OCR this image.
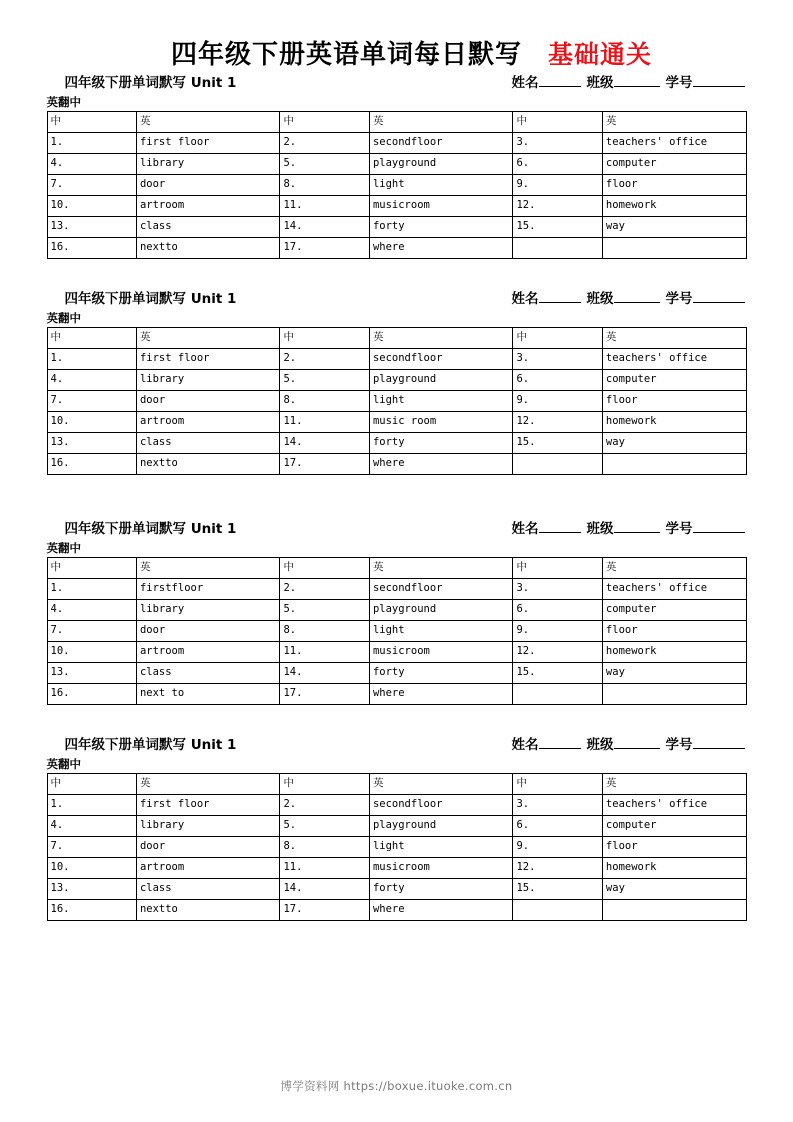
四年级下册英语单词每日默写 基础通关
四年级下册单词默写 Unit 1	姓名	班级	学号
英翻中
中	英	中	英	中	英
1.	first floor	2.	secondfloor	3.	teachers' office
4.	library	5.	playground	6.	computer
7.	door	8.	light	9.	floor
10.	artroom	11.	musicroom	12.	homework
13.	class	14.	forty	15.	way
16.	nextto	17.	where		
四年级下册单词默写 Unit 1	姓名	班级	学号
英翻中
中	英	中	英	中	英
1.	first floor	2.	secondfloor	3.	teachers' office
4.	library	5.	playground	6.	computer
7.	door	8.	light	9.	floor
10.	artroom	11.	music room	12.	homework
13.	class	14.	forty	15.	way
16.	nextto	17.	where		
四年级下册单词默写 Unit 1	姓名	班级	学号
英翻中
中	英	中	英	中	英
1.	firstfloor	2.	secondfloor	3.	teachers' office
4.	library	5.	playground	6.	computer
7.	door	8.	light	9.	floor
10.	artroom	11.	musicroom	12.	homework
13.	class	14.	forty	15.	way
16.	next to	17.	where		
四年级下册单词默写 Unit 1	姓名	班级	学号
英翻中
中	英	中	英	中	英
1.	first floor	2.	secondfloor	3.	teachers' office
4.	library	5.	playground	6.	computer
7.	door	8.	light	9.	floor
10.	artroom	11.	musicroom	12.	homework
13.	class	14.	forty	15.	way
16.	nextto	17.	where		
博学资料网 https://boxue.ituoke.com.cn
